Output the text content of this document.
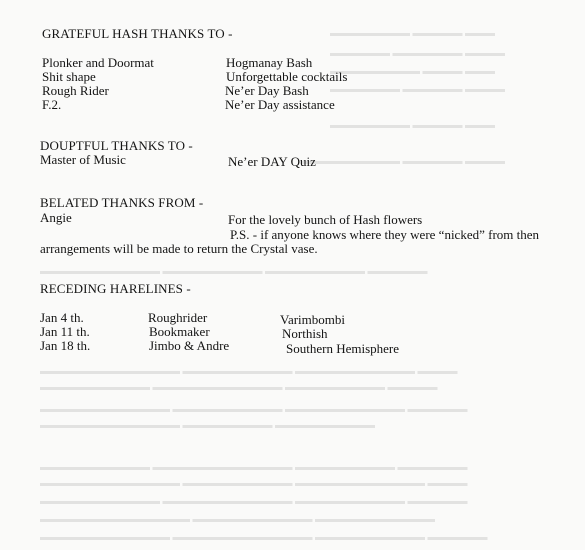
▬▬▬▬▬▬▬▬ ▬▬▬▬▬ ▬▬▬
▬▬▬▬▬▬ ▬▬▬▬▬▬▬ ▬▬▬▬
▬▬▬▬▬▬▬▬▬ ▬▬▬▬ ▬▬▬
▬▬▬▬▬▬▬ ▬▬▬▬▬▬ ▬▬▬▬
▬▬▬▬▬▬▬▬ ▬▬▬▬▬ ▬▬▬
▬▬▬▬▬▬▬▬▬▬ ▬▬▬▬▬▬ ▬▬▬▬
▬▬▬▬▬▬▬▬▬▬▬▬ ▬▬▬▬▬▬▬▬▬▬ ▬▬▬▬▬▬▬▬▬▬ ▬▬▬▬▬▬
▬▬▬▬▬▬▬▬▬▬▬▬▬▬ ▬▬▬▬▬▬▬▬▬▬▬ ▬▬▬▬▬▬▬▬▬▬▬▬ ▬▬▬▬
▬▬▬▬▬▬▬▬▬▬▬ ▬▬▬▬▬▬▬▬▬▬▬▬▬ ▬▬▬▬▬▬▬▬▬▬ ▬▬▬▬▬
▬▬▬▬▬▬▬▬▬▬▬▬▬ ▬▬▬▬▬▬▬▬▬▬▬ ▬▬▬▬▬▬▬▬▬▬▬▬ ▬▬▬▬▬▬
▬▬▬▬▬▬▬▬▬▬▬▬▬▬ ▬▬▬▬▬▬▬▬▬ ▬▬▬▬▬▬▬▬▬▬
▬▬▬▬▬▬▬▬▬▬▬ ▬▬▬▬▬▬▬▬▬▬▬▬▬▬ ▬▬▬▬▬▬▬▬▬▬ ▬▬▬▬▬▬▬
▬▬▬▬▬▬▬▬▬▬▬▬▬▬ ▬▬▬▬▬▬▬▬▬▬▬ ▬▬▬▬▬▬▬▬▬▬▬▬▬ ▬▬▬▬
▬▬▬▬▬▬▬▬▬▬▬▬ ▬▬▬▬▬▬▬▬▬▬▬▬▬ ▬▬▬▬▬▬▬▬▬▬▬ ▬▬▬▬▬▬
▬▬▬▬▬▬▬▬▬▬▬▬▬▬▬ ▬▬▬▬▬▬▬▬▬▬▬▬ ▬▬▬▬▬▬▬▬▬▬▬▬
▬▬▬▬▬▬▬▬▬▬▬▬▬ ▬▬▬▬▬▬▬▬▬▬▬▬▬▬ ▬▬▬▬▬▬▬▬▬▬▬ ▬▬▬▬▬▬
GRATEFUL HASH THANKS TO -
Plonker and Doormat	Hogmanay Bash
Shit shape	Unforgettable cocktails
Rough Rider	Ne’er Day Bash
F.2.	Ne’er Day assistance
DOUPTFUL THANKS TO -
Master of Music	Ne’er DAY Quiz
BELATED THANKS FROM -
Angie	For the lovely bunch of Hash flowers
P.S. - if anyone knows where they were “nicked” from then
arrangements will be made to return the Crystal vase.
RECEDING HARELINES -
Jan 4 th.	Roughrider	Varimbombi
Jan 11 th.	Bookmaker	Northish
Jan 18 th.	Jimbo & Andre	Southern Hemisphere
